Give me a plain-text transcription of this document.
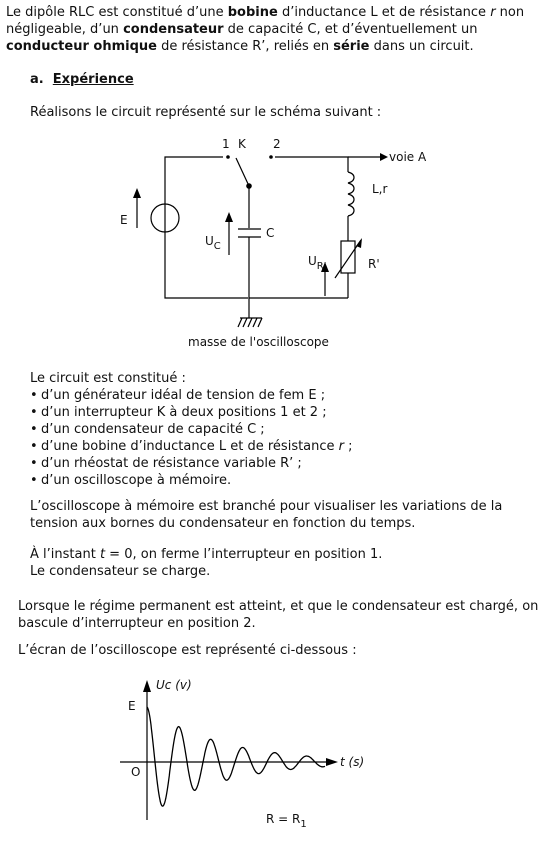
Le dipôle RLC est constitué d’une bobine d’inductance L et de résistance r non négligeable, d’un condensateur de capacité C, et d’éventuellement un conducteur ohmique de résistance R’, reliés en série dans un circuit.
a. Expérience
Réalisons le circuit représenté sur le schéma suivant :
1 K 2
voie A
L,r
E
$U_C$
C
$U_{R'}$	R'
masse de l'oscilloscope
Uc (v)
t (s)
E
O
$R = R_1$
Le circuit est constitué :
• d’un générateur idéal de tension de fem E ;
• d’un interrupteur K à deux positions 1 et 2 ;
• d’un condensateur de capacité C ;
• d’une bobine d’inductance L et de résistance r ;
• d’un rhéostat de résistance variable R’ ;
• d’un oscilloscope à mémoire.
L’oscilloscope à mémoire est branché pour visualiser les variations de la tension aux bornes du condensateur en fonction du temps.
À l’instant t = 0, on ferme l’interrupteur en position 1.
Le condensateur se charge.
Lorsque le régime permanent est atteint, et que le condensateur est chargé, on bascule d’interrupteur en position 2.
L’écran de l’oscilloscope est représenté ci-dessous :
